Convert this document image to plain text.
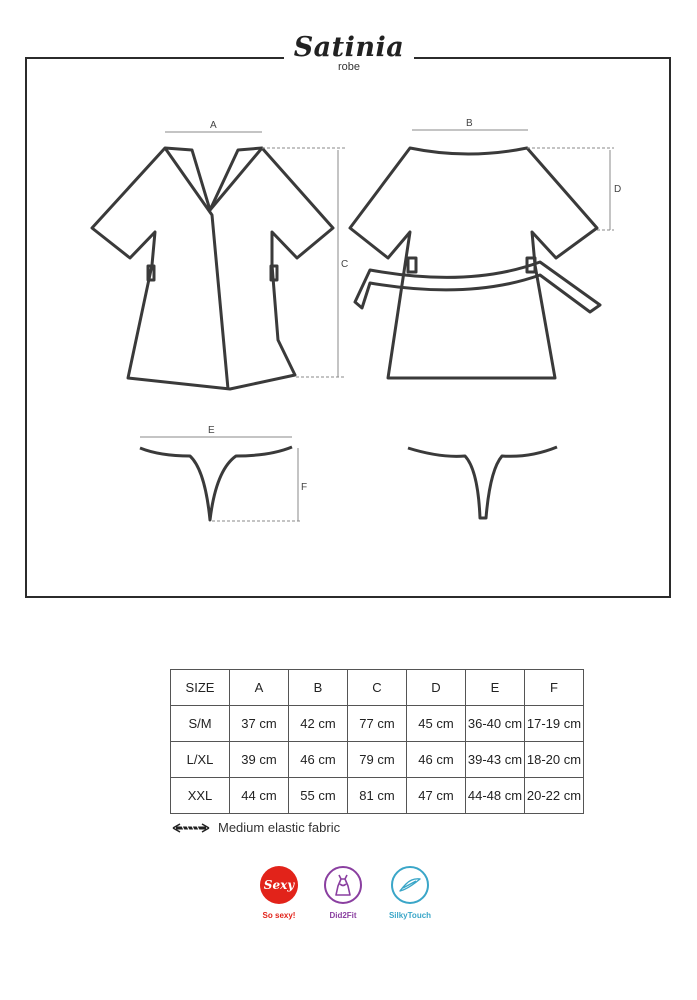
Satinia
robe
A	B
C
D
E
F
SIZE	A	B	C	D	E	F
S/M	37 cm	42 cm	77 cm	45 cm	36-40 cm	17-19 cm
L/XL	39 cm	46 cm	79 cm	46 cm	39-43 cm	18-20 cm
XXL	44 cm	55 cm	81 cm	47 cm	44-48 cm	20-22 cm
Medium elastic fabric
Sexy
So sexy!	Did2Fit	SilkyTouch
